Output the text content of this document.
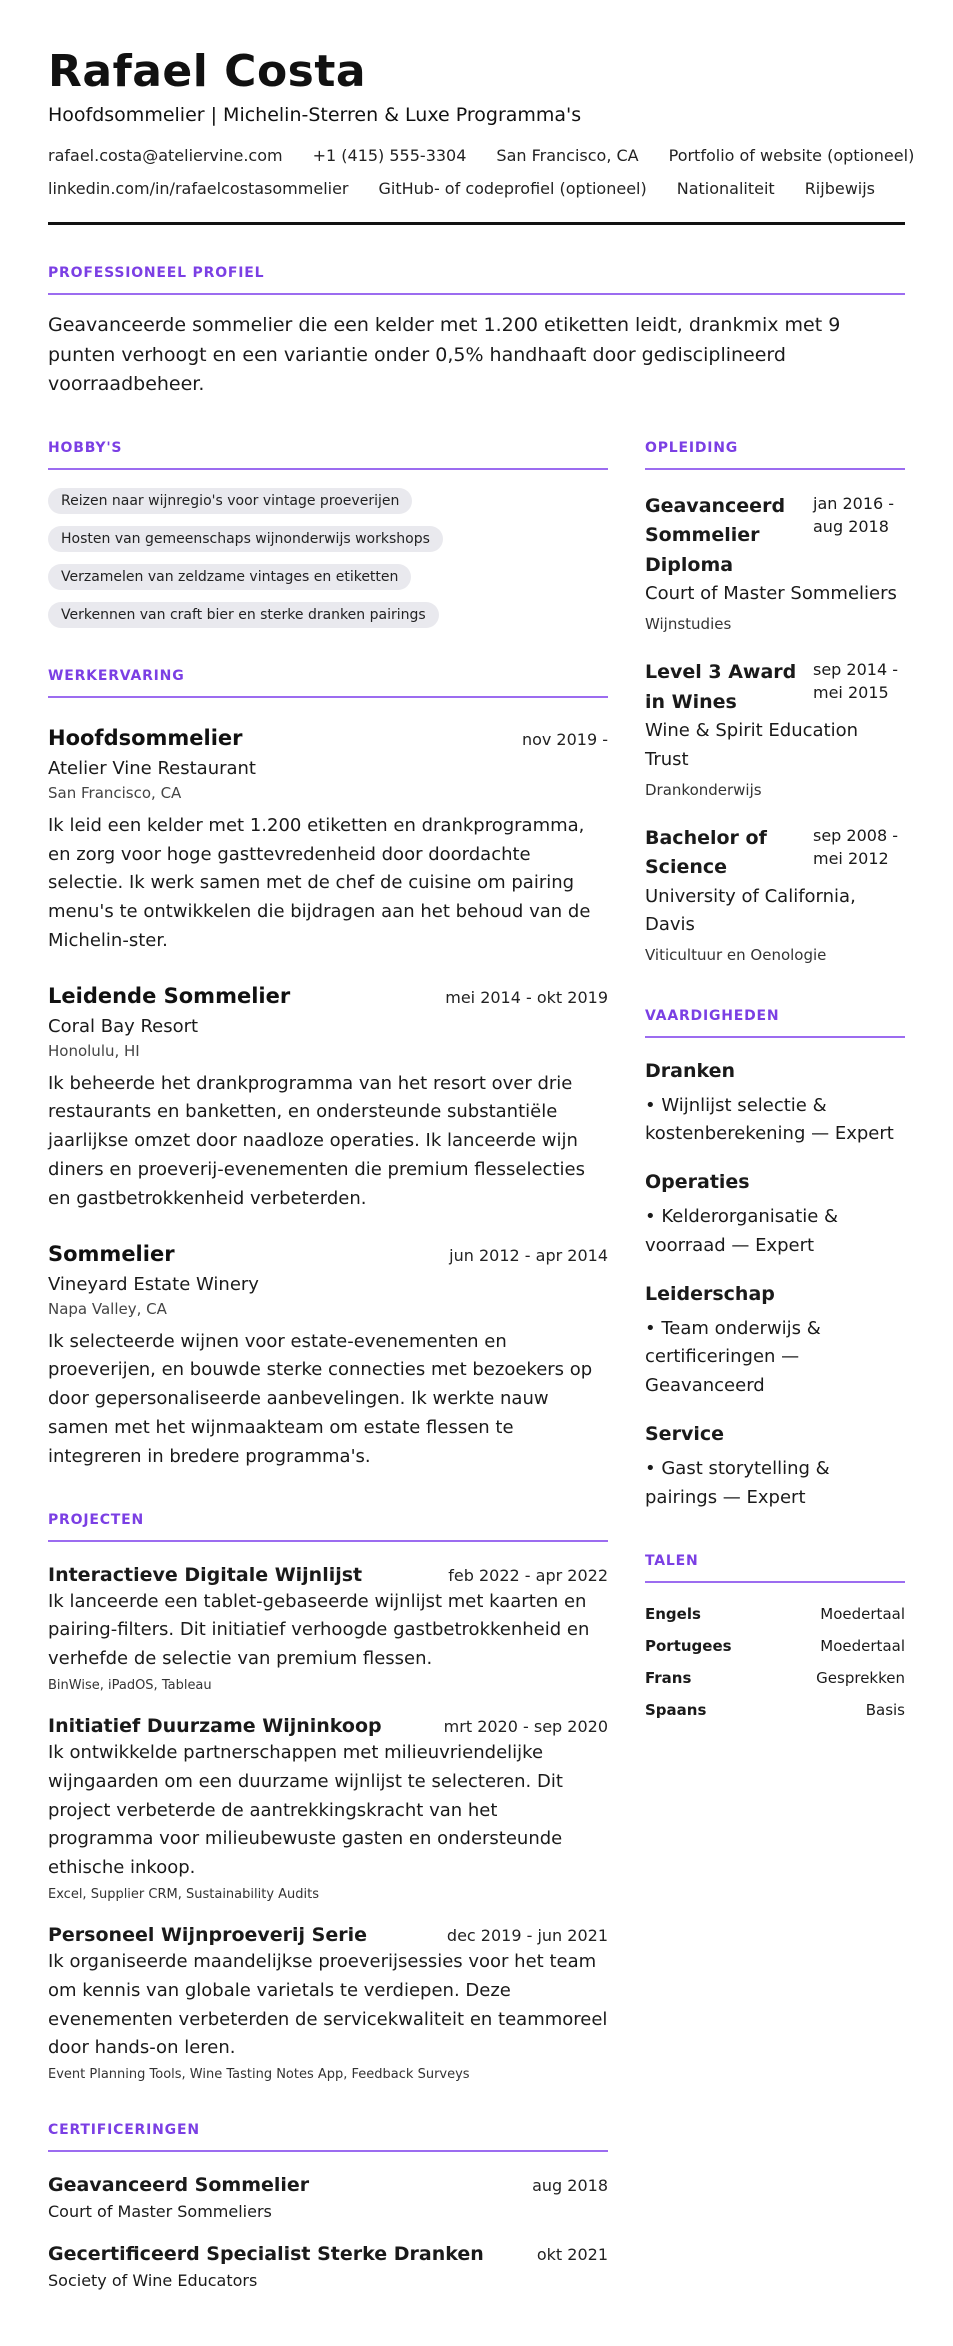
Rafael Costa
Hoofdsommelier | Michelin-Sterren & Luxe Programma's
rafael.costa@ateliervine.com +1 (415) 555-3304 San Francisco, CA Portfolio of website (optioneel)
linkedin.com/in/rafaelcostasommelier GitHub- of codeprofiel (optioneel) Nationaliteit Rijbewijs
PROFESSIONEEL PROFIEL

Geavanceerde sommelier die een kelder met 1.200 etiketten leidt, drankmix met 9 punten verhoogt en een variantie onder 0,5% handhaaft door gedisciplineerd voorraadbeheer.

HOBBY'S
Reizen naar wijnregio's voor vintage proeverijen
Hosten van gemeenschaps wijnonderwijs workshops
Verzamelen van zeldzame vintages en etiketten
Verkennen van craft bier en sterke dranken pairings
WERKERVARING
Hoofdsommelier	nov 2019 -
Atelier Vine Restaurant
San Francisco, CA

Ik leid een kelder met 1.200 etiketten en drankprogramma, en zorg voor hoge gasttevredenheid door doordachte selectie. Ik werk samen met de chef de cuisine om pairing menu's te ontwikkelen die bijdragen aan het behoud van de Michelin-ster.

Leidende Sommelier	mei 2014 - okt 2019
Coral Bay Resort
Honolulu, HI

Ik beheerde het drankprogramma van het resort over drie restaurants en banketten, en ondersteunde substantiële jaarlijkse omzet door naadloze operaties. Ik lanceerde wijn diners en proeverij-evenementen die premium flesselecties en gastbetrokkenheid verbeterden.

Sommelier	jun 2012 - apr 2014
Vineyard Estate Winery
Napa Valley, CA

Ik selecteerde wijnen voor estate-evenementen en proeverijen, en bouwde sterke connecties met bezoekers op door gepersonaliseerde aanbevelingen. Ik werkte nauw samen met het wijnmaakteam om estate flessen te integreren in bredere programma's.

PROJECTEN
Interactieve Digitale Wijnlijst	feb 2022 - apr 2022

Ik lanceerde een tablet-gebaseerde wijnlijst met kaarten en pairing-filters. Dit initiatief verhoogde gastbetrokkenheid en verhefde de selectie van premium flessen.

BinWise, iPadOS, Tableau
Initiatief Duurzame Wijninkoop	mrt 2020 - sep 2020

Ik ontwikkelde partnerschappen met milieuvriendelijke wijngaarden om een duurzame wijnlijst te selecteren. Dit project verbeterde de aantrekkingskracht van het programma voor milieubewuste gasten en ondersteunde ethische inkoop.

Excel, Supplier CRM, Sustainability Audits
Personeel Wijnproeverij Serie	dec 2019 - jun 2021

Ik organiseerde maandelijkse proeverijsessies voor het team om kennis van globale varietals te verdiepen. Deze evenementen verbeterden de servicekwaliteit en teammoreel door hands-on leren.

Event Planning Tools, Wine Tasting Notes App, Feedback Surveys
CERTIFICERINGEN
Geavanceerd Sommelier	aug 2018
Court of Master Sommeliers
Gecertificeerd Specialist Sterke Dranken	okt 2021
Society of Wine Educators
OPLEIDING
Geavanceerd Sommelier Diploma
jan 2016 - aug 2018
Court of Master Sommeliers
Wijnstudies
Level 3 Award in Wines
sep 2014 - mei 2015
Wine & Spirit Education Trust
Drankonderwijs
Bachelor of Science
sep 2008 - mei 2012
University of California, Davis
Viticultuur en Oenologie
VAARDIGHEDEN
Dranken
• Wijnlijst selectie & kostenberekening — Expert
Operaties
• Kelderorganisatie & voorraad — Expert
Leiderschap
• Team onderwijs & certificeringen — Geavanceerd
Service
• Gast storytelling & pairings — Expert
TALEN
Engels	Moedertaal
Portugees	Moedertaal
Frans	Gesprekken
Spaans	Basis
